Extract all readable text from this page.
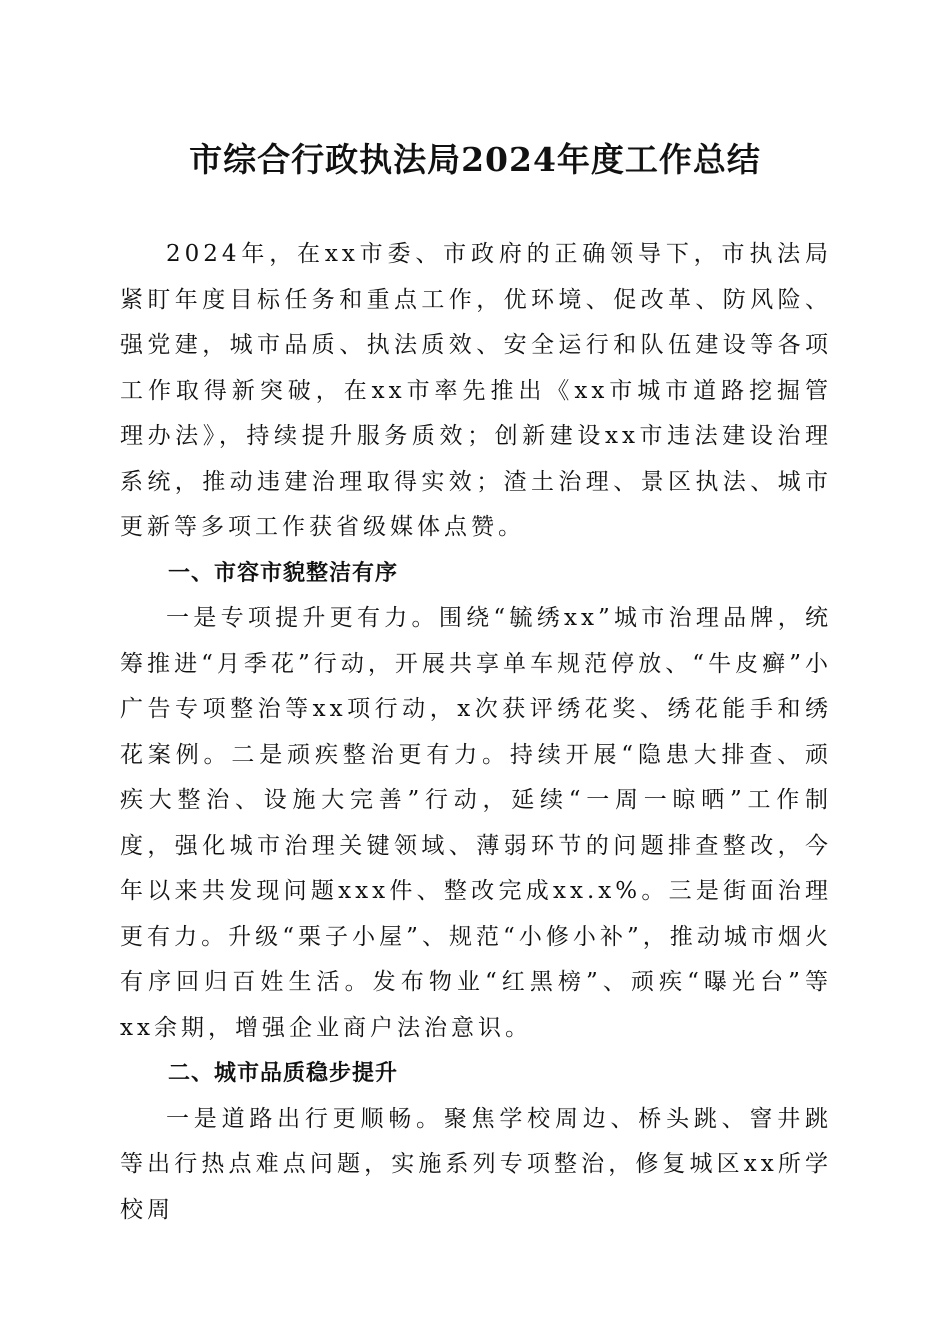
市综合行政执法局2024年度工作总结

2024年，在xx市委、市政府的正确领导下，市执法局紧盯年度目标任务和重点工作，优环境、促改革、防风险、强党建，城市品质、执法质效、安全运行和队伍建设等各项工作取得新突破，在xx市率先推出《xx市城市道路挖掘管理办法》，持续提升服务质效；创新建设xx市违法建设治理系统，推动违建治理取得实效；渣土治理、景区执法、城市更新等多项工作获省级媒体点赞。

一、市容市貌整洁有序

一是专项提升更有力。围绕“毓绣xx”城市治理品牌，统筹推进“月季花”行动，开展共享单车规范停放、“牛皮癣”小广告专项整治等xx项行动，x次获评绣花奖、绣花能手和绣花案例。二是顽疾整治更有力。持续开展“隐患大排查、顽疾大整治、设施大完善”行动，延续“一周一晾晒”工作制度，强化城市治理关键领域、薄弱环节的问题排查整改，今年以来共发现问题xxx件、整改完成xx.x%。三是街面治理更有力。升级“栗子小屋”、规范“小修小补”，推动城市烟火有序回归百姓生活。发布物业“红黑榜”、顽疾“曝光台”等xx余期，增强企业商户法治意识。

二、城市品质稳步提升

一是道路出行更顺畅。聚焦学校周边、桥头跳、窨井跳等出行热点难点问题，实施系列专项整治，修复城区xx所学校周
